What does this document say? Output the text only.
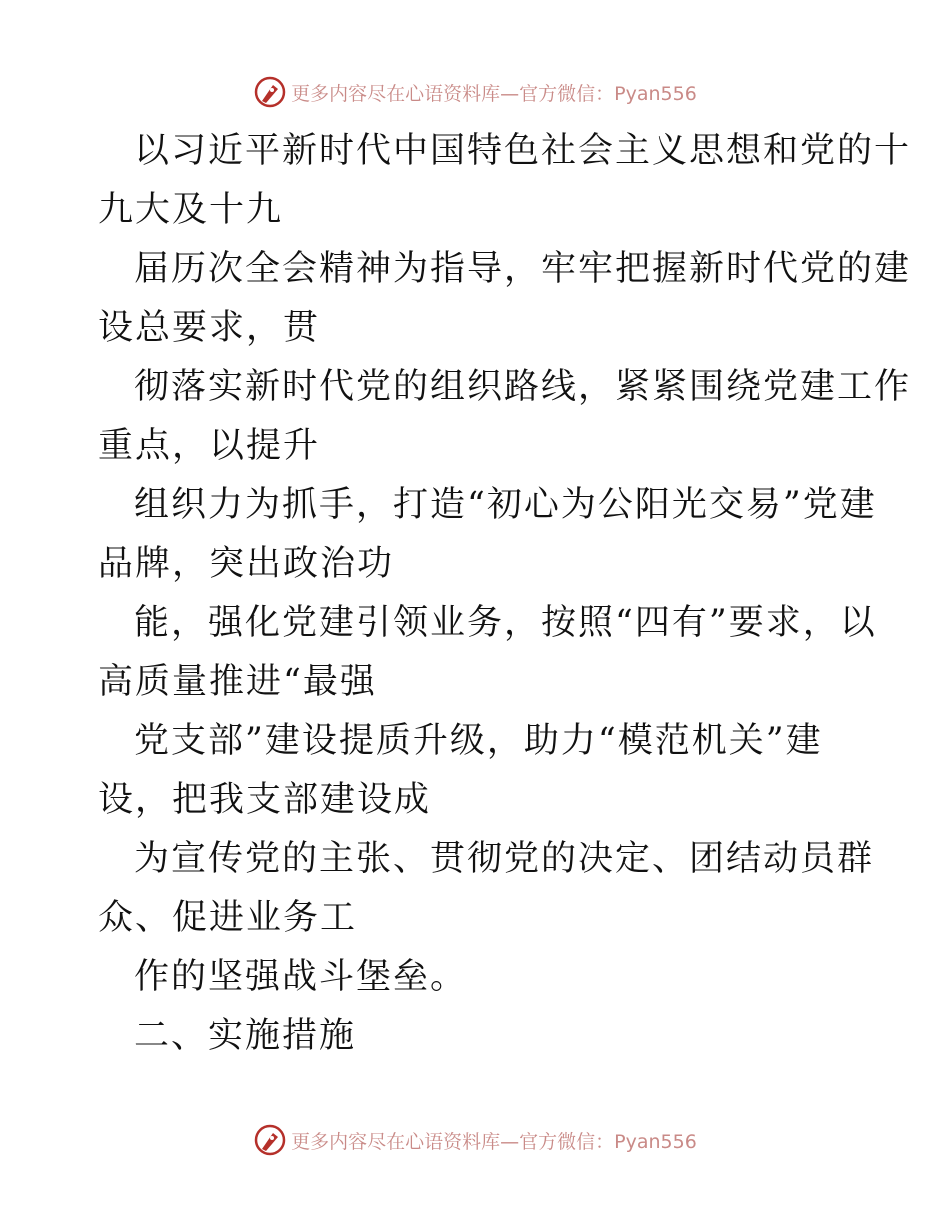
更多内容尽在心语资料库—官方微信：Pyan556
以习近平新时代中国特色社会主义思想和党的十
九大及十九
届历次全会精神为指导，牢牢把握新时代党的建
设总要求，贯
彻落实新时代党的组织路线，紧紧围绕党建工作
重点，以提升
组织力为抓手，打造“初心为公阳光交易”党建
品牌，突出政治功
能，强化党建引领业务，按照“四有”要求，以
高质量推进“最强
党支部”建设提质升级，助力“模范机关”建
设，把我支部建设成
为宣传党的主张、贯彻党的决定、团结动员群
众、促进业务工
作的坚强战斗堡垒。
二、实施措施
更多内容尽在心语资料库—官方微信：Pyan556
